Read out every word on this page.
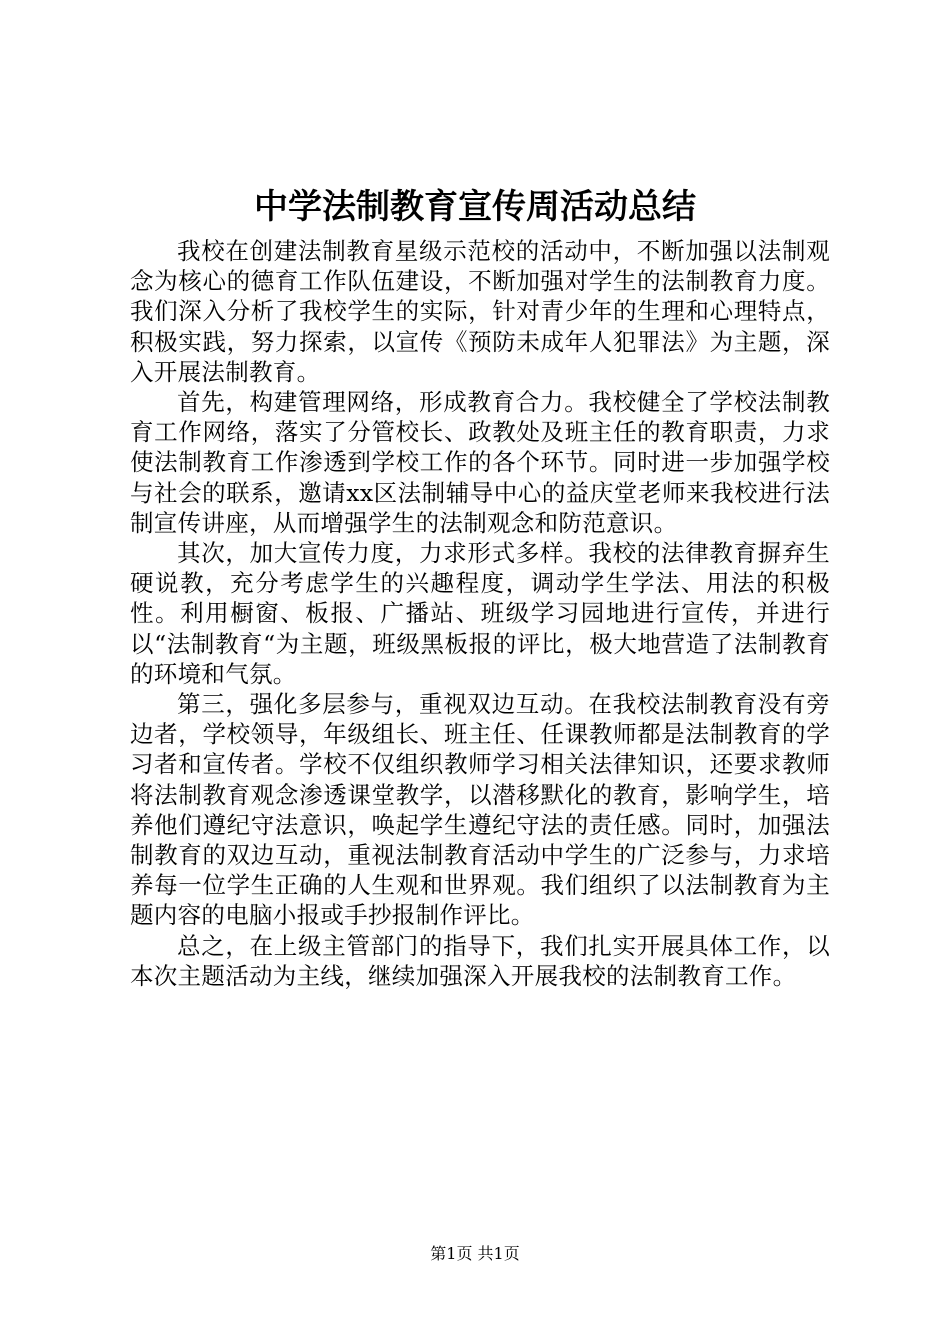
中学法制教育宣传周活动总结

我校在创建法制教育星级示范校的活动中，不断加强以法制观念为核心的德育工作队伍建设，不断加强对学生的法制教育力度。我们深入分析了我校学生的实际，针对青少年的生理和心理特点，积极实践，努力探索，以宣传《预防未成年人犯罪法》为主题，深入开展法制教育。

首先，构建管理网络，形成教育合力。我校健全了学校法制教育工作网络，落实了分管校长、政教处及班主任的教育职责，力求使法制教育工作渗透到学校工作的各个环节。同时进一步加强学校与社会的联系，邀请xx区法制辅导中心的益庆堂老师来我校进行法制宣传讲座，从而增强学生的法制观念和防范意识。

其次，加大宣传力度，力求形式多样。我校的法律教育摒弃生硬说教，充分考虑学生的兴趣程度，调动学生学法、用法的积极性。利用橱窗、板报、广播站、班级学习园地进行宣传，并进行以“法制教育“为主题，班级黑板报的评比，极大地营造了法制教育的环境和气氛。

第三，强化多层参与，重视双边互动。在我校法制教育没有旁边者，学校领导，年级组长、班主任、任课教师都是法制教育的学习者和宣传者。学校不仅组织教师学习相关法律知识，还要求教师将法制教育观念渗透课堂教学，以潜移默化的教育，影响学生，培养他们遵纪守法意识，唤起学生遵纪守法的责任感。同时，加强法制教育的双边互动，重视法制教育活动中学生的广泛参与，力求培养每一位学生正确的人生观和世界观。我们组织了以法制教育为主题内容的电脑小报或手抄报制作评比。

总之，在上级主管部门的指导下，我们扎实开展具体工作，以本次主题活动为主线，继续加强深入开展我校的法制教育工作。

第1页 共1页
